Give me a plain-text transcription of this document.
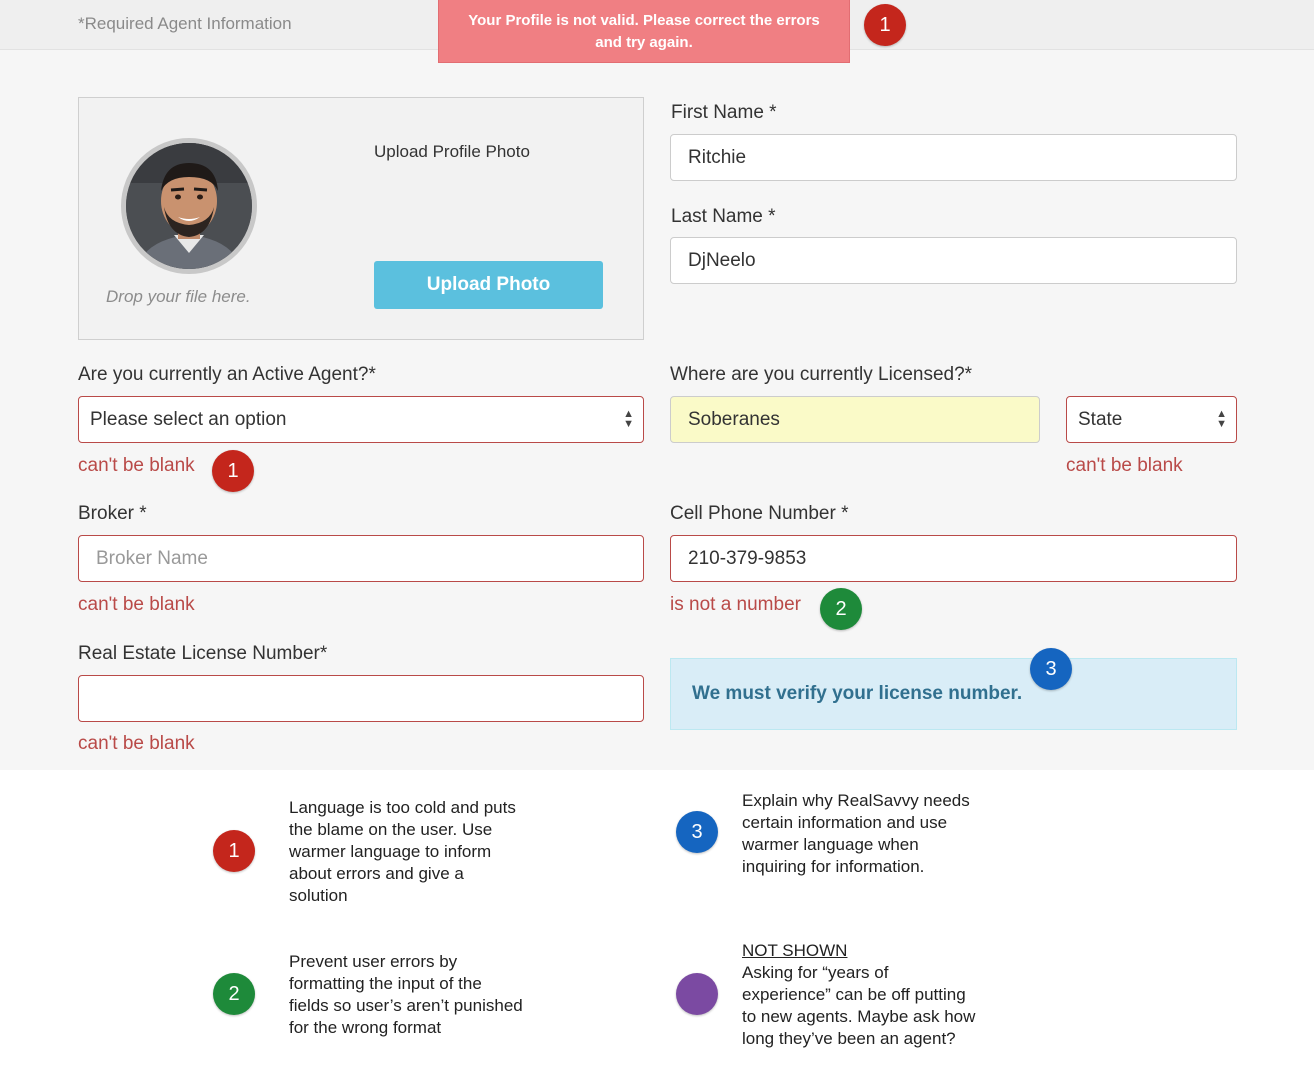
*Required Agent Information	Your Profile is not valid. Please correct the errors
and try again.
1
Upload Profile Photo
Drop your file here.
Upload Photo
First Name *
Ritchie
Last Name *
DjNeelo
Are you currently an Active Agent?*
Please select an option	▲
▼
can't be blank	1
Where are you currently Licensed?*
Soberanes	State	▲
▼
can't be blank
Broker *
Broker Name
can't be blank
Cell Phone Number *
210-379-9853
is not a number	2
Real Estate License Number*
can't be blank
We must verify your license number.
3
1
Language is too cold and puts
the blame on the user. Use
warmer language to inform
about errors and give a
solution
3
Explain why RealSavvy needs
certain information and use
warmer language when
inquiring for information.
2
Prevent user errors by
formatting the input of the
fields so user’s aren’t punished
for the wrong format
NOT SHOWN
Asking for “years of
experience” can be off putting
to new agents. Maybe ask how
long they’ve been an agent?
